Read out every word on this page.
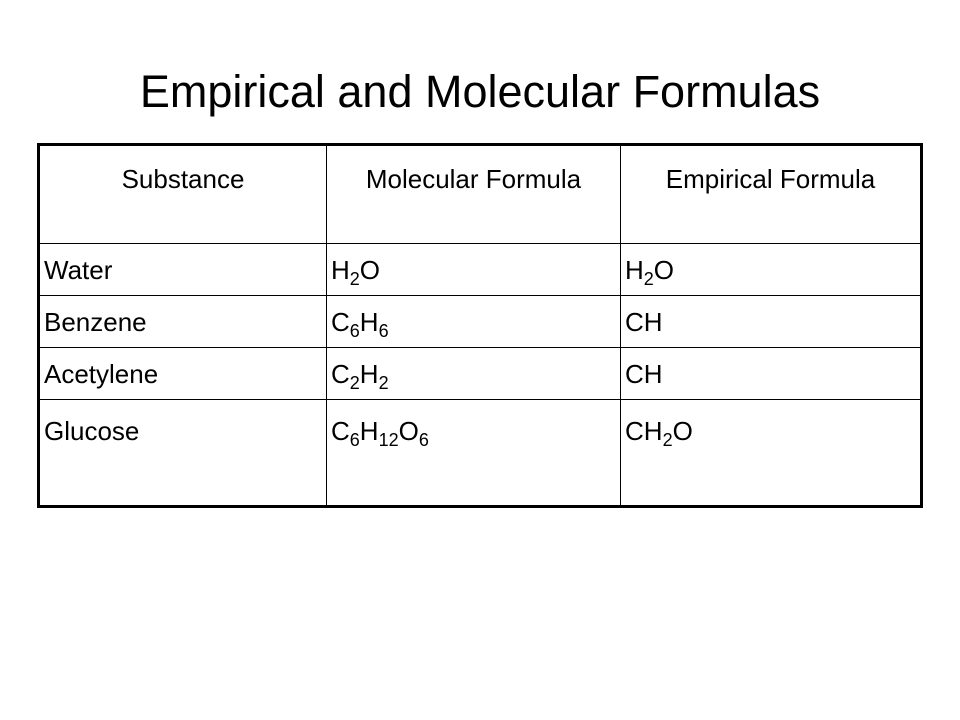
Empirical and Molecular Formulas
Substance	Molecular Formula	Empirical Formula
Water	$H_2O$	$H_2O$
Benzene	$C_6H_6$	CH
Acetylene	$C_2H_2$	CH
Glucose	$C_6H_{12}O_6$	$CH_2O$
